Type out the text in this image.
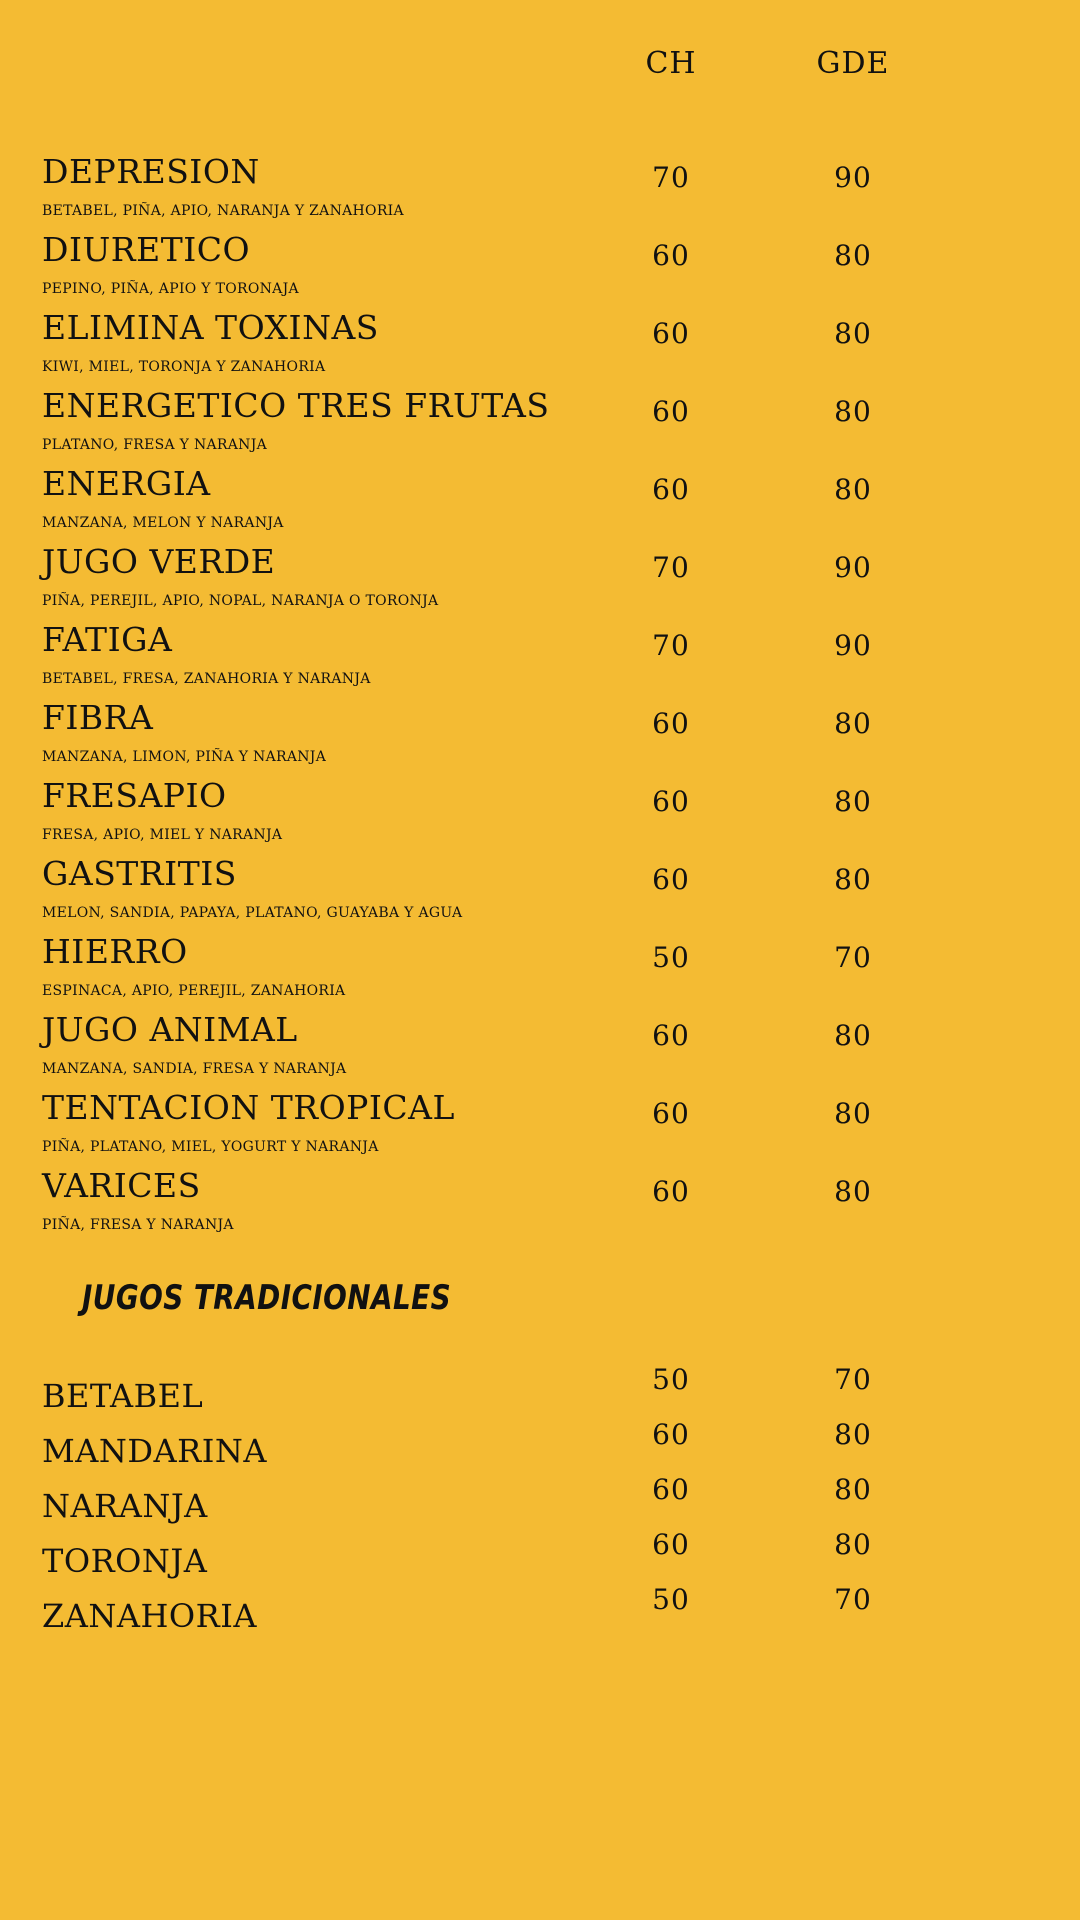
CH	GDE
DEPRESION
BETABEL, PIÑA, APIO, NARANJA Y ZANAHORIA
70	90
DIURETICO
PEPINO, PIÑA, APIO Y TORONAJA
60	80
ELIMINA TOXINAS
KIWI, MIEL, TORONJA Y ZANAHORIA
60	80
ENERGETICO TRES FRUTAS
PLATANO, FRESA Y NARANJA
60	80
ENERGIA
MANZANA, MELON Y NARANJA
60	80
JUGO VERDE
PIÑA, PEREJIL, APIO, NOPAL, NARANJA O TORONJA
70	90
FATIGA
BETABEL, FRESA, ZANAHORIA Y NARANJA
70	90
FIBRA
MANZANA, LIMON, PIÑA Y NARANJA
60	80
FRESAPIO
FRESA, APIO, MIEL Y NARANJA
60	80
GASTRITIS
MELON, SANDIA, PAPAYA, PLATANO, GUAYABA Y AGUA
60	80
HIERRO
ESPINACA, APIO, PEREJIL, ZANAHORIA
50	70
JUGO ANIMAL
MANZANA, SANDIA, FRESA Y NARANJA
60	80
TENTACION TROPICAL
PIÑA, PLATANO, MIEL, YOGURT Y NARANJA
60	80
VARICES
PIÑA, FRESA Y NARANJA
60	80
JUGOS TRADICIONALES
BETABEL	50	70
MANDARINA	60	80
NARANJA	60	80
TORONJA	60	80
ZANAHORIA	50	70
